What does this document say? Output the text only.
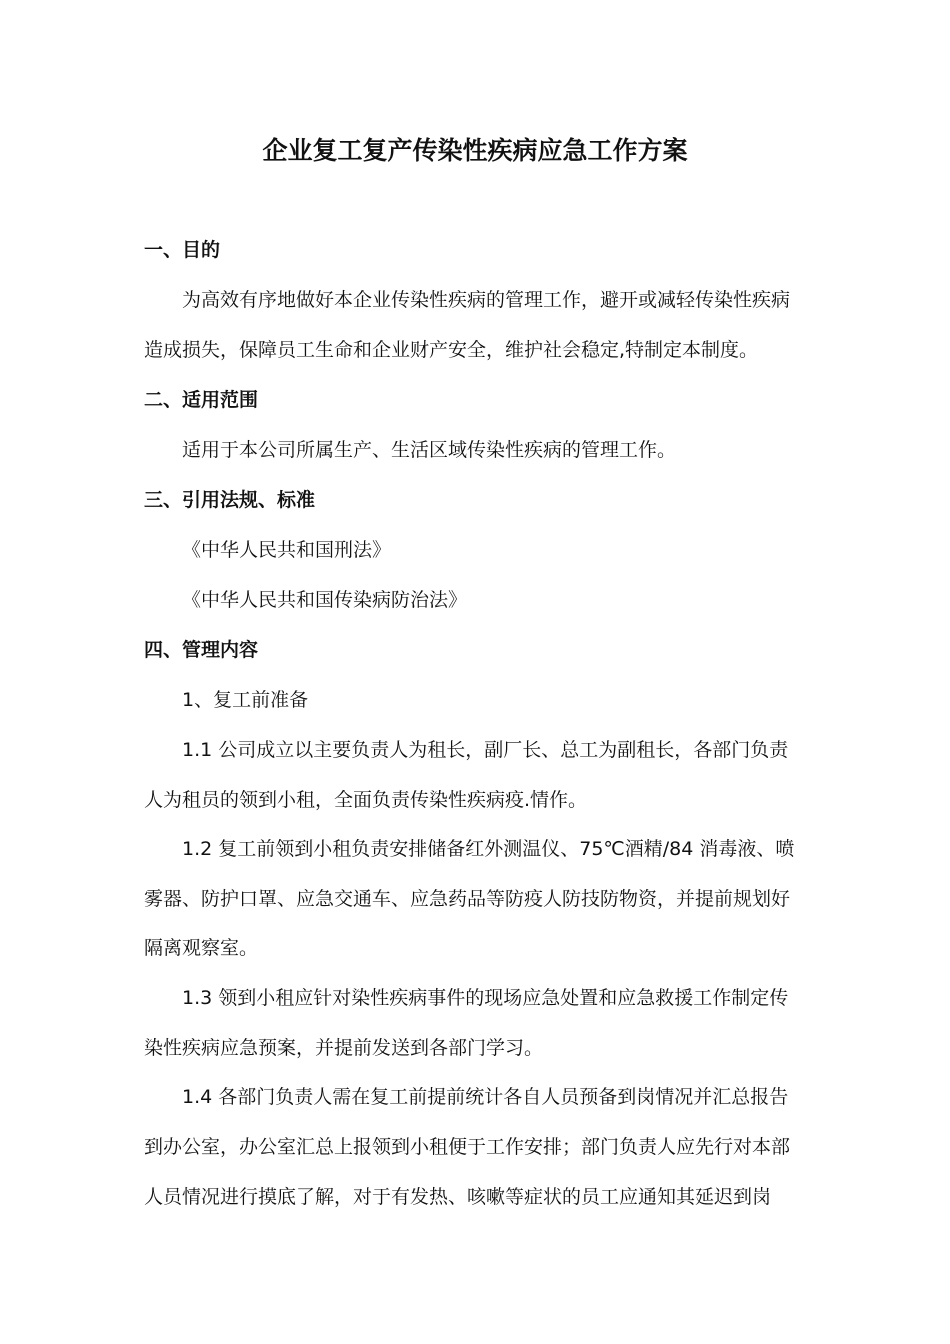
企业复工复产传染性疾病应急工作方案

一、目的

为高效有序地做好本企业传染性疾病的管理工作，避开或减轻传染性疾病

造成损失，保障员工生命和企业财产安全，维护社会稳定,特制定本制度。

二、适用范围

适用于本公司所属生产、生活区域传染性疾病的管理工作。

三、引用法规、标准

《中华人民共和国刑法》

《中华人民共和国传染病防治法》

四、管理内容

1、复工前准备

1.1 公司成立以主要负责人为租长，副厂长、总工为副租长，各部门负责

人为租员的领到小租，全面负责传染性疾病疫.情作。

1.2 复工前领到小租负责安排储备红外测温仪、75℃酒精/84 消毒液、喷

雾器、防护口罩、应急交通车、应急药品等防疫人防技防物资，并提前规划好

隔离观察室。

1.3 领到小租应针对染性疾病事件的现场应急处置和应急救援工作制定传

染性疾病应急预案，并提前发送到各部门学习。

1.4 各部门负责人需在复工前提前统计各自人员预备到岗情况并汇总报告

到办公室，办公室汇总上报领到小租便于工作安排；部门负责人应先行对本部

人员情况进行摸底了解，对于有发热、咳嗽等症状的员工应通知其延迟到岗
